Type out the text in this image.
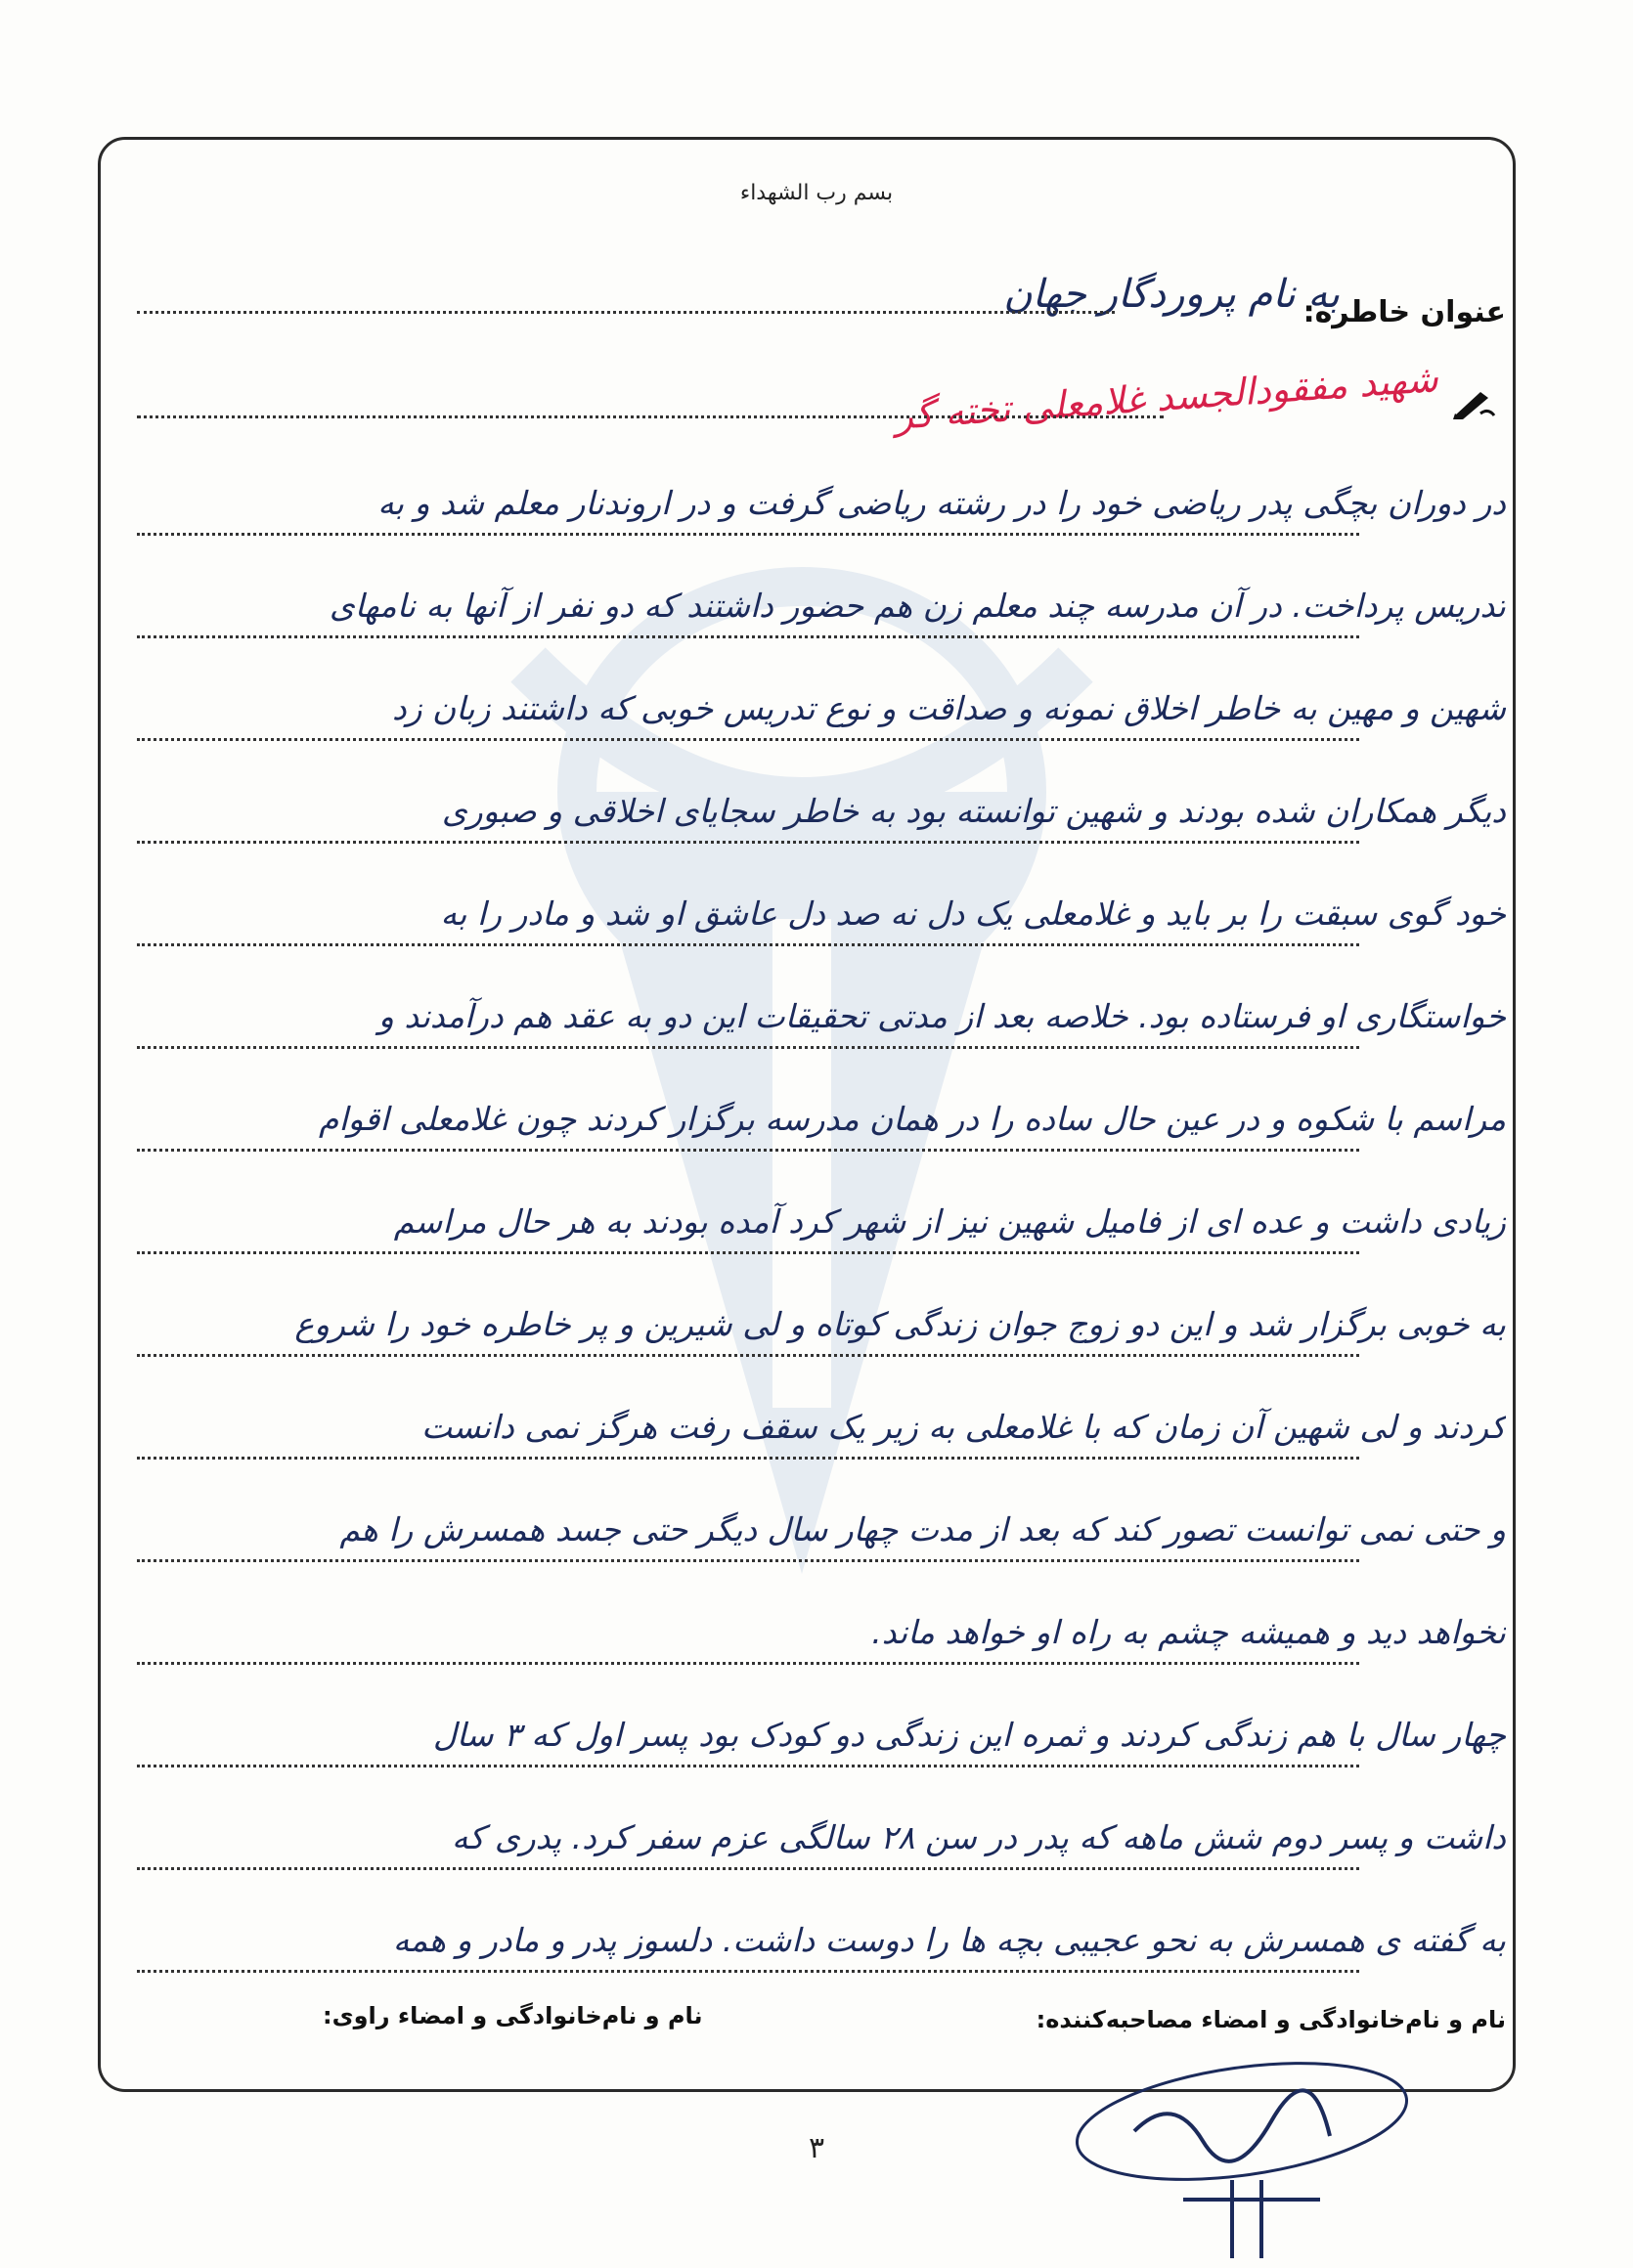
بسم رب الشهداء
عنوان خاطره:
به نام پروردگار جهان
شهید مفقودالجسد غلامعلی تخته گر
در دوران بچگی پدر ریاضی خود را در رشته ریاضی گرفت و در اروندنار معلم شد و به
تدریس پرداخت. در آن مدرسه چند معلم زن هم حضور داشتند که دو نفر از آنها به نامهای
شهین و مهین به خاطر اخلاق نمونه و صداقت و نوع تدریس خوبی که داشتند زبان زد
دیگر همکاران شده بودند و شهین توانسته بود به خاطر سجایای اخلاقی و صبوری
خود گوی سبقت را بر باید و غلامعلی یک دل نه صد دل عاشق او شد و مادر را به
خواستگاری او فرستاده بود. خلاصه بعد از مدتی تحقیقات این دو به عقد هم درآمدند و
مراسم با شکوه و در عین حال ساده را در همان مدرسه برگزار کردند چون غلامعلی اقوام
زیادی داشت و عده ای از فامیل شهین نیز از شهر کرد آمده بودند به هر حال مراسم
به خوبی برگزار شد و این دو زوج جوان زندگی کوتاه و لی شیرین و پر خاطره خود را شروع
کردند و لی شهین آن زمان که با غلامعلی به زیر یک سقف رفت هرگز نمی دانست
و حتی نمی توانست تصور کند که بعد از مدت چهار سال دیگر حتی جسد همسرش را هم
نخواهد دید و همیشه چشم به راه او خواهد ماند.
چهار سال با هم زندگی کردند و ثمره این زندگی دو کودک بود پسر اول که ۳ سال
داشت و پسر دوم شش ماهه که پدر در سن ۲۸ سالگی عزم سفر کرد. پدری که
به گفته ی همسرش به نحو عجیبی بچه ها را دوست داشت. دلسوز پدر و مادر و همه
نام و نام‌خانوادگی و امضاء مصاحبه‌کننده:
نام و نام‌خانوادگی و امضاء راوی:
۳
